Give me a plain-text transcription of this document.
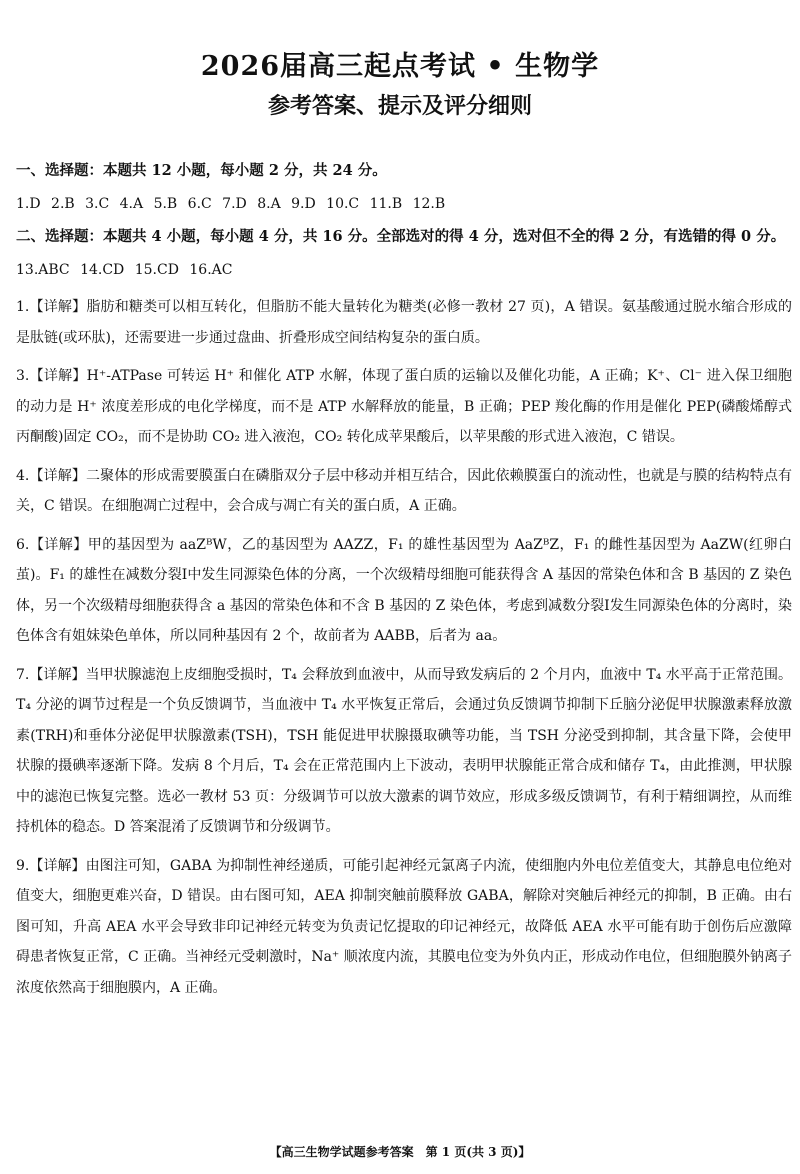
2026届高三起点考试 • 生物学
参考答案、提示及评分细则

一、选择题：本题共 12 小题，每小题 2 分，共 24 分。

1.D 2.B 3.C 4.A 5.B 6.C 7.D 8.A 9.D 10.C 11.B 12.B

二、选择题：本题共 4 小题，每小题 4 分，共 16 分。全部选对的得 4 分，选对但不全的得 2 分，有选错的得 0 分。

13.ABC 14.CD 15.CD 16.AC

1.【详解】脂肪和糖类可以相互转化，但脂肪不能大量转化为糖类(必修一教材 27 页)，A 错误。氨基酸通过脱水缩合形成的是肽链(或环肽)，还需要进一步通过盘曲、折叠形成空间结构复杂的蛋白质。

3.【详解】H⁺-ATPase 可转运 H⁺ 和催化 ATP 水解，体现了蛋白质的运输以及催化功能，A 正确；K⁺、Cl⁻ 进入保卫细胞的动力是 H⁺ 浓度差形成的电化学梯度，而不是 ATP 水解释放的能量，B 正确；PEP 羧化酶的作用是催化 PEP(磷酸烯醇式丙酮酸)固定 CO₂，而不是协助 CO₂ 进入液泡，CO₂ 转化成苹果酸后，以苹果酸的形式进入液泡，C 错误。

4.【详解】二聚体的形成需要膜蛋白在磷脂双分子层中移动并相互结合，因此依赖膜蛋白的流动性，也就是与膜的结构特点有关，C 错误。在细胞凋亡过程中，会合成与凋亡有关的蛋白质，A 正确。

6.【详解】甲的基因型为 aaZᴮW，乙的基因型为 AAZZ，F₁ 的雄性基因型为 AaZᴮZ，F₁ 的雌性基因型为 AaZW(红卵白茧)。F₁ 的雄性在减数分裂Ⅰ中发生同源染色体的分离，一个次级精母细胞可能获得含 A 基因的常染色体和含 B 基因的 Z 染色体，另一个次级精母细胞获得含 a 基因的常染色体和不含 B 基因的 Z 染色体，考虑到减数分裂Ⅰ发生同源染色体的分离时，染色体含有姐妹染色单体，所以同种基因有 2 个，故前者为 AABB，后者为 aa。

7.【详解】当甲状腺滤泡上皮细胞受损时，T₄ 会释放到血液中，从而导致发病后的 2 个月内，血液中 T₄ 水平高于正常范围。T₄ 分泌的调节过程是一个负反馈调节，当血液中 T₄ 水平恢复正常后，会通过负反馈调节抑制下丘脑分泌促甲状腺激素释放激素(TRH)和垂体分泌促甲状腺激素(TSH)，TSH 能促进甲状腺摄取碘等功能，当 TSH 分泌受到抑制，其含量下降，会使甲状腺的摄碘率逐渐下降。发病 8 个月后，T₄ 会在正常范围内上下波动，表明甲状腺能正常合成和储存 T₄，由此推测，甲状腺中的滤泡已恢复完整。选必一教材 53 页：分级调节可以放大激素的调节效应，形成多级反馈调节，有利于精细调控，从而维持机体的稳态。D 答案混淆了反馈调节和分级调节。

9.【详解】由图注可知，GABA 为抑制性神经递质，可能引起神经元氯离子内流，使细胞内外电位差值变大，其静息电位绝对值变大，细胞更难兴奋，D 错误。由右图可知，AEA 抑制突触前膜释放 GABA，解除对突触后神经元的抑制，B 正确。由右图可知，升高 AEA 水平会导致非印记神经元转变为负责记忆提取的印记神经元，故降低 AEA 水平可能有助于创伤后应激障碍患者恢复正常，C 正确。当神经元受刺激时，Na⁺ 顺浓度内流，其膜电位变为外负内正，形成动作电位，但细胞膜外钠离子浓度依然高于细胞膜内，A 正确。

【高三生物学试题参考答案　第 1 页(共 3 页)】
